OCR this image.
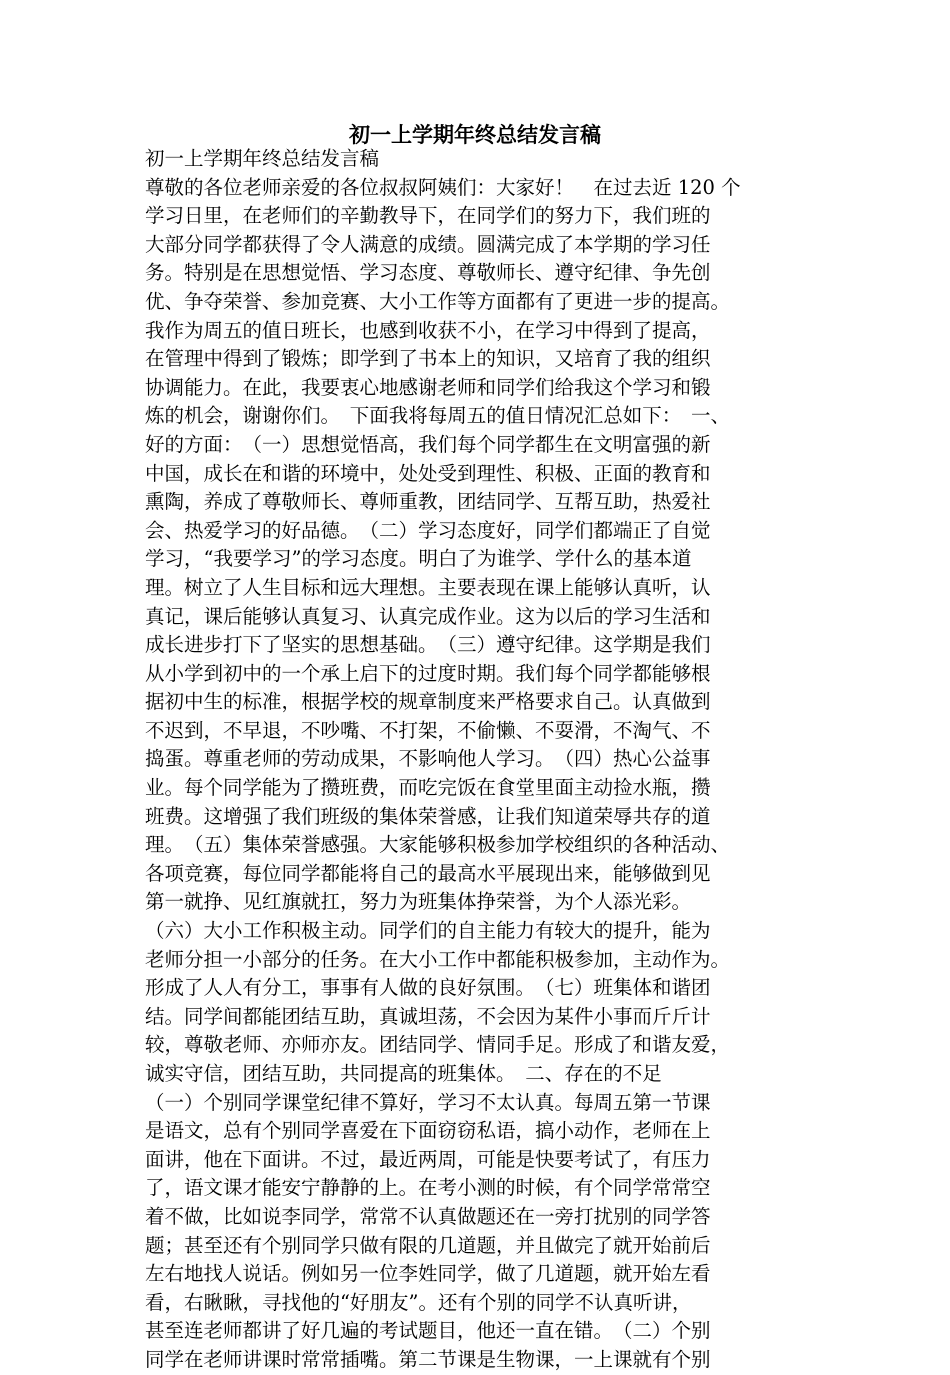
初一上学期年终总结发言稿
初一上学期年终总结发言稿
尊敬的各位老师亲爱的各位叔叔阿姨们：大家好！　在过去近 120 个
学习日里，在老师们的辛勤教导下，在同学们的努力下，我们班的
大部分同学都获得了令人满意的成绩。圆满完成了本学期的学习任
务。特别是在思想觉悟、学习态度、尊敬师长、遵守纪律、争先创
优、争夺荣誉、参加竞赛、大小工作等方面都有了更进一步的提高。
我作为周五的值日班长，也感到收获不小，在学习中得到了提高，
在管理中得到了锻炼；即学到了书本上的知识，又培育了我的组织
协调能力。在此，我要衷心地感谢老师和同学们给我这个学习和锻
炼的机会，谢谢你们。　下面我将每周五的值日情况汇总如下：　一、
好的方面：　（一）思想觉悟高，我们每个同学都生在文明富强的新
中国，成长在和谐的环境中，处处受到理性、积极、正面的教育和
熏陶，养成了尊敬师长、尊师重教，团结同学、互帮互助，热爱社
会、热爱学习的好品德。　（二）学习态度好，同学们都端正了自觉
学习，“我要学习”的学习态度。明白了为谁学、学什么的基本道
理。树立了人生目标和远大理想。主要表现在课上能够认真听，认
真记，课后能够认真复习、认真完成作业。这为以后的学习生活和
成长进步打下了坚实的思想基础。　（三）遵守纪律。这学期是我们
从小学到初中的一个承上启下的过度时期。我们每个同学都能够根
据初中生的标准，根据学校的规章制度来严格要求自己。认真做到
不迟到，不早退，不吵嘴、不打架，不偷懒、不耍滑，不淘气、不
捣蛋。尊重老师的劳动成果，不影响他人学习。　（四）热心公益事
业。每个同学能为了攒班费，而吃完饭在食堂里面主动捡水瓶，攒
班费。这增强了我们班级的集体荣誉感，让我们知道荣辱共存的道
理。　（五）集体荣誉感强。大家能够积极参加学校组织的各种活动、
各项竞赛，每位同学都能将自己的最高水平展现出来，能够做到见
第一就挣、见红旗就扛，努力为班集体挣荣誉，为个人添光彩。
（六）大小工作积极主动。同学们的自主能力有较大的提升，能为
老师分担一小部分的任务。在大小工作中都能积极参加，主动作为。
形成了人人有分工，事事有人做的良好氛围。　（七）班集体和谐团
结。同学间都能团结互助，真诚坦荡，不会因为某件小事而斤斤计
较，尊敬老师、亦师亦友。团结同学、情同手足。形成了和谐友爱，
诚实守信，团结互助，共同提高的班集体。　二、存在的不足
（一）个别同学课堂纪律不算好，学习不太认真。每周五第一节课
是语文，总有个别同学喜爱在下面窃窃私语，搞小动作，老师在上
面讲，他在下面讲。不过，最近两周，可能是快要考试了，有压力
了，语文课才能安宁静静的上。在考小测的时候，有个同学常常空
着不做，比如说李同学，常常不认真做题还在一旁打扰别的同学答
题；甚至还有个别同学只做有限的几道题，并且做完了就开始前后
左右地找人说话。例如另一位李姓同学，做了几道题，就开始左看
看，右瞅瞅，寻找他的“好朋友”。还有个别的同学不认真听讲，
甚至连老师都讲了好几遍的考试题目，他还一直在错。　（二）个别
同学在老师讲课时常常插嘴。第二节课是生物课，一上课就有个别
